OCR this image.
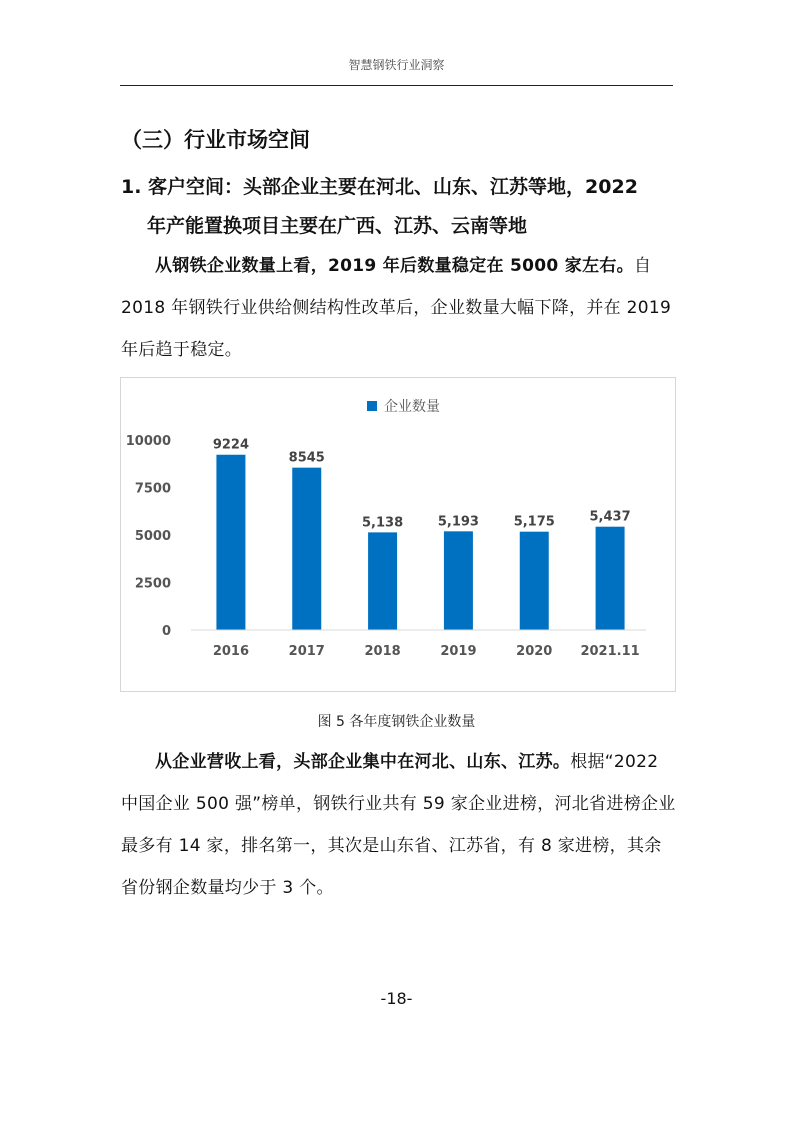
智慧钢铁行业洞察
（三）行业市场空间
1. 客户空间：头部企业主要在河北、山东、江苏等地，2022
年产能置换项目主要在广西、江苏、云南等地
从钢铁企业数量上看，2019 年后数量稳定在 5000 家左右。自 2018 年钢铁行业供给侧结构性改革后，企业数量大幅下降，并在 2019 年后趋于稳定。
企业数量
0
2500
5000
7500
10000	9224
8545
5,138	5,193	5,175	5,437
2016	2017	2018	2019	2020 2021.11
图 5 各年度钢铁企业数量
从企业营收上看，头部企业集中在河北、山东、江苏。根据“2022 中国企业 500 强”榜单，钢铁行业共有 59 家企业进榜，河北省进榜企业最多有 14 家，排名第一，其次是山东省、江苏省，有 8 家进榜，其余省份钢企数量均少于 3 个。
-18-
